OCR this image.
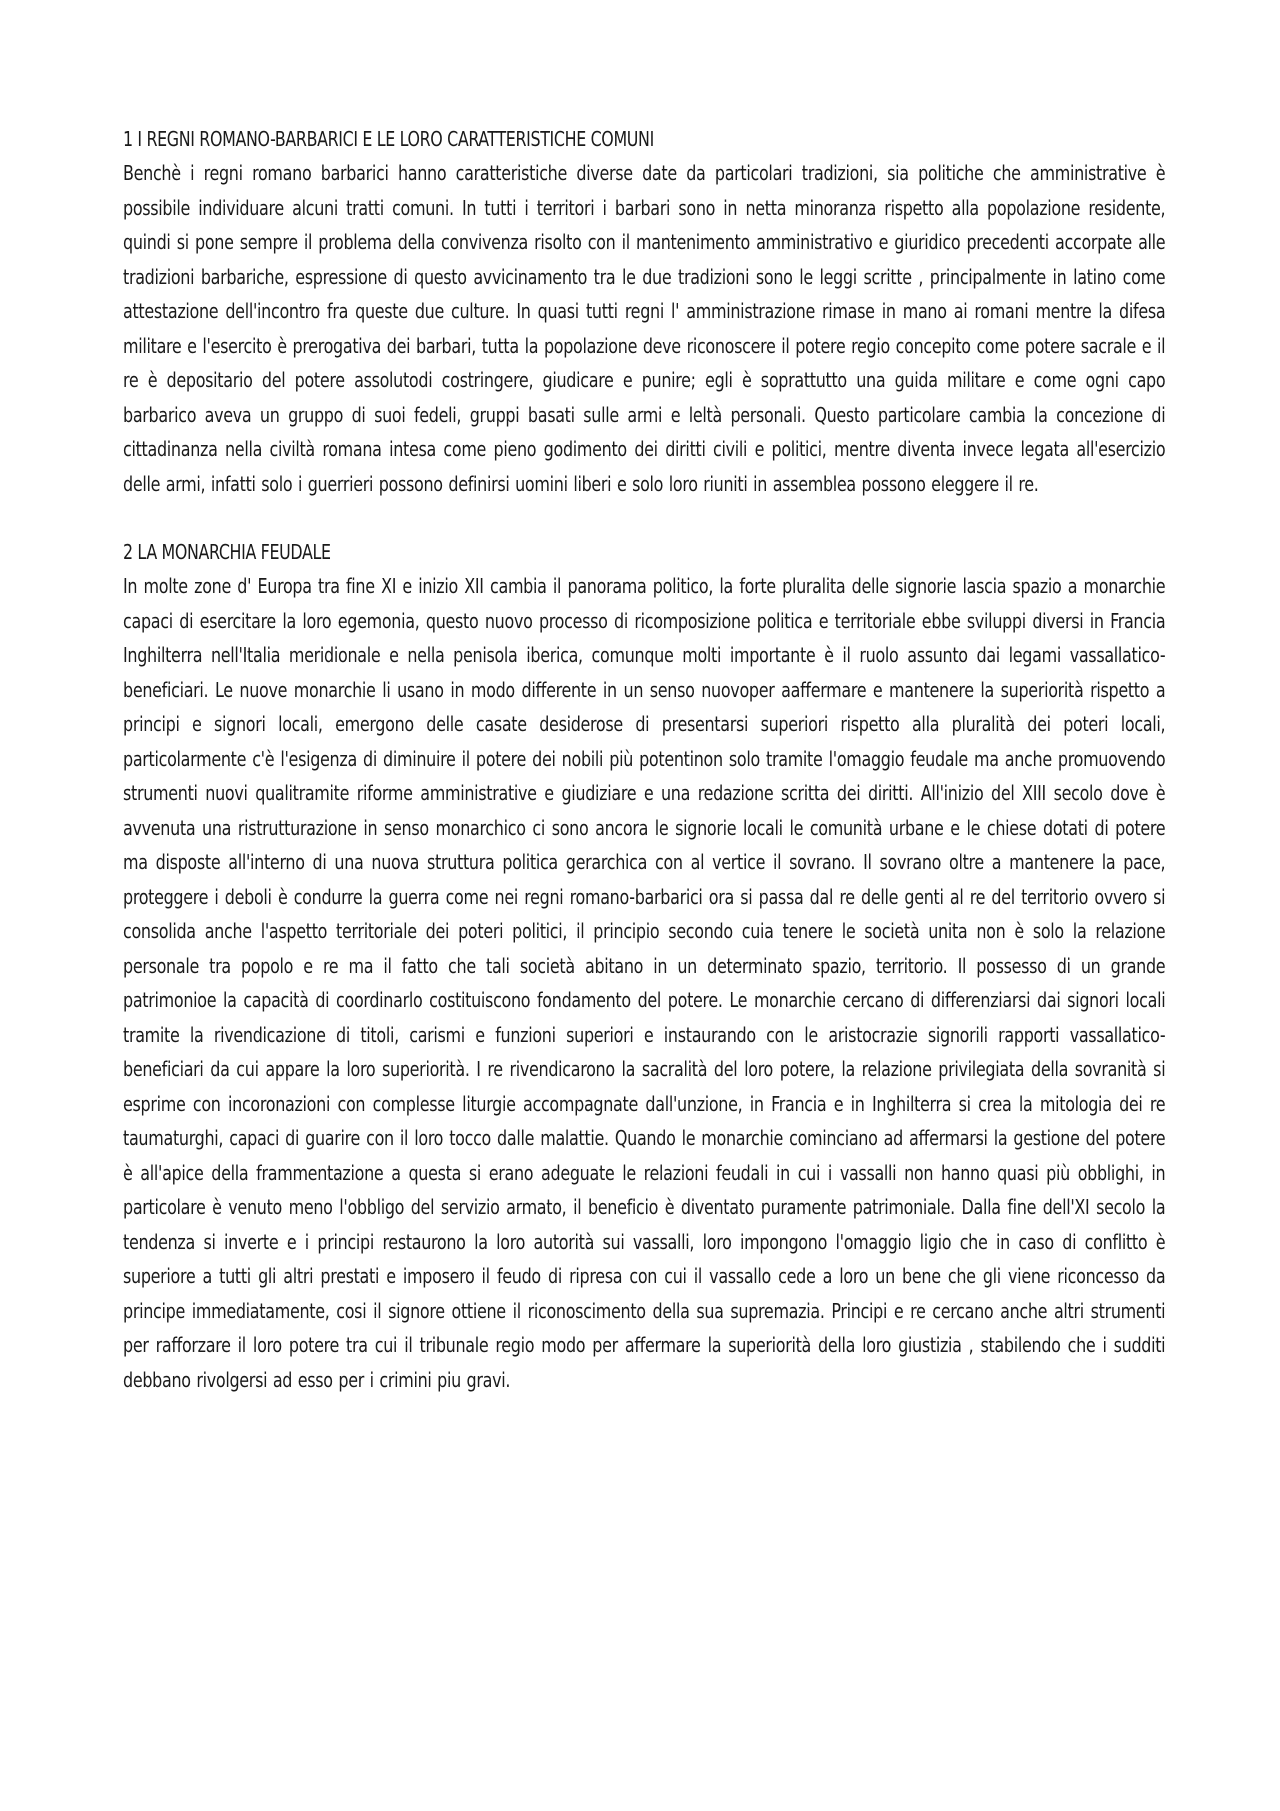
1 I REGNI ROMANO-BARBARICI E LE LORO CARATTERISTICHE COMUNI

Benchè i regni romano barbarici hanno caratteristiche diverse date da particolari tradizioni, sia politiche che amministrative è possibile individuare alcuni tratti comuni. In tutti i territori i barbari sono in netta minoranza rispetto alla popolazione residente, quindi si pone sempre il problema della convivenza risolto con il mantenimento amministrativo e giuridico precedenti accorpate alle tradizioni barbariche, espressione di questo avvicinamento tra le due tradizioni sono le leggi scritte , principalmente in latino come attestazione dell'incontro fra queste due culture. In quasi tutti regni l' amministrazione rimase in mano ai romani mentre la difesa militare e l'esercito è prerogativa dei barbari, tutta la popolazione deve riconoscere il potere regio concepito come potere sacrale e il re è depositario del potere assolutodi costringere, giudicare e punire; egli è soprattutto una guida militare e come ogni capo barbarico aveva un gruppo di suoi fedeli, gruppi basati sulle armi e leltà personali. Questo particolare cambia la concezione di cittadinanza nella civiltà romana intesa come pieno godimento dei diritti civili e politici, mentre diventa invece legata all'esercizio delle armi, infatti solo i guerrieri possono definirsi uomini liberi e solo loro riuniti in assemblea possono eleggere il re.

2 LA MONARCHIA FEUDALE

In molte zone d' Europa tra fine XI e inizio XII cambia il panorama politico, la forte pluralita delle signorie lascia spazio a monarchie capaci di esercitare la loro egemonia, questo nuovo processo di ricomposizione politica e territoriale ebbe sviluppi diversi in Francia Inghilterra nell'Italia meridionale e nella penisola iberica, comunque molti importante è il ruolo assunto dai legami vassallatico-beneficiari. Le nuove monarchie li usano in modo differente in un senso nuovoper aaffermare e mantenere la superiorità rispetto a principi e signori locali, emergono delle casate desiderose di presentarsi superiori rispetto alla pluralità dei poteri locali, particolarmente c'è l'esigenza di diminuire il potere dei nobili più potentinon solo tramite l'omaggio feudale ma anche promuovendo strumenti nuovi qualitramite riforme amministrative e giudiziare e una redazione scritta dei diritti. All'inizio del XIII secolo dove è avvenuta una ristrutturazione in senso monarchico ci sono ancora le signorie locali le comunità urbane e le chiese dotati di potere ma disposte all'interno di una nuova struttura politica gerarchica con al vertice il sovrano. Il sovrano oltre a mantenere la pace, proteggere i deboli è condurre la guerra come nei regni romano-barbarici ora si passa dal re delle genti al re del territorio ovvero si consolida anche l'aspetto territoriale dei poteri politici, il principio secondo cuia tenere le società unita non è solo la relazione personale tra popolo e re ma il fatto che tali società abitano in un determinato spazio, territorio. Il possesso di un grande patrimonioe la capacità di coordinarlo costituiscono fondamento del potere. Le monarchie cercano di differenziarsi dai signori locali tramite la rivendicazione di titoli, carismi e funzioni superiori e instaurando con le aristocrazie signorili rapporti vassallatico-beneficiari da cui appare la loro superiorità. I re rivendicarono la sacralità del loro potere, la relazione privilegiata della sovranità si esprime con incoronazioni con complesse liturgie accompagnate dall'unzione, in Francia e in Inghilterra si crea la mitologia dei re taumaturghi, capaci di guarire con il loro tocco dalle malattie. Quando le monarchie cominciano ad affermarsi la gestione del potere è all'apice della frammentazione a questa si erano adeguate le relazioni feudali in cui i vassalli non hanno quasi più obblighi, in particolare è venuto meno l'obbligo del servizio armato, il beneficio è diventato puramente patrimoniale. Dalla fine dell'XI secolo la tendenza si inverte e i principi restaurono la loro autorità sui vassalli, loro impongono l'omaggio ligio che in caso di conflitto è superiore a tutti gli altri prestati e imposero il feudo di ripresa con cui il vassallo cede a loro un bene che gli viene riconcesso da principe immediatamente, cosi il signore ottiene il riconoscimento della sua supremazia. Principi e re cercano anche altri strumenti per rafforzare il loro potere tra cui il tribunale regio modo per affermare la superiorità della loro giustizia , stabilendo che i sudditi debbano rivolgersi ad esso per i crimini piu gravi.
